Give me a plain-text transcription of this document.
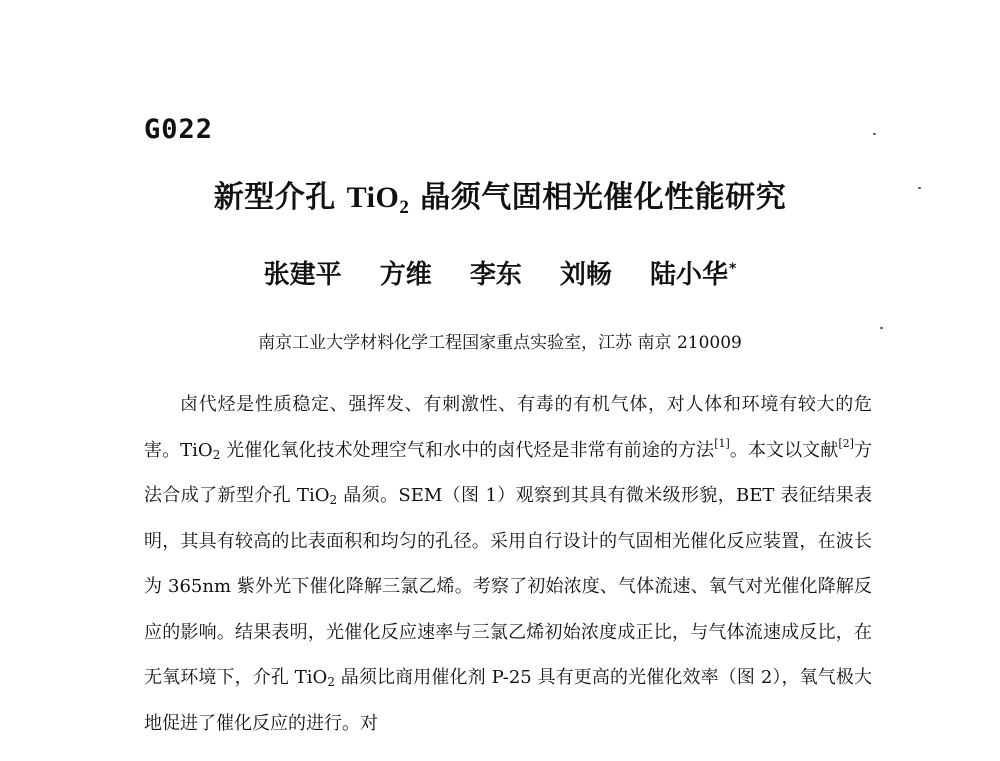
G022
新型介孔 TiO$_2$ 晶须气固相光催化性能研究
张建平 方维 李东 刘畅 陆小华*
南京工业大学材料化学工程国家重点实验室，江苏 南京 210009

卤代烃是性质稳定、强挥发、有刺激性、有毒的有机气体，对人体和环境有较大的危害。TiO$_2$ 光催化氧化技术处理空气和水中的卤代烃是非常有前途的方法[1]。本文以文献[2]方法合成了新型介孔 TiO$_2$ 晶须。SEM（图 1）观察到其具有微米级形貌，BET 表征结果表明，其具有较高的比表面积和均匀的孔径。采用自行设计的气固相光催化反应装置，在波长为 365nm 紫外光下催化降解三氯乙烯。考察了初始浓度、气体流速、氧气对光催化降解反应的影响。结果表明，光催化反应速率与三氯乙烯初始浓度成正比，与气体流速成反比，在无氧环境下，介孔 TiO$_2$ 晶须比商用催化剂 P-25 具有更高的光催化效率（图 2），氧气极大地促进了催化反应的进行。对
